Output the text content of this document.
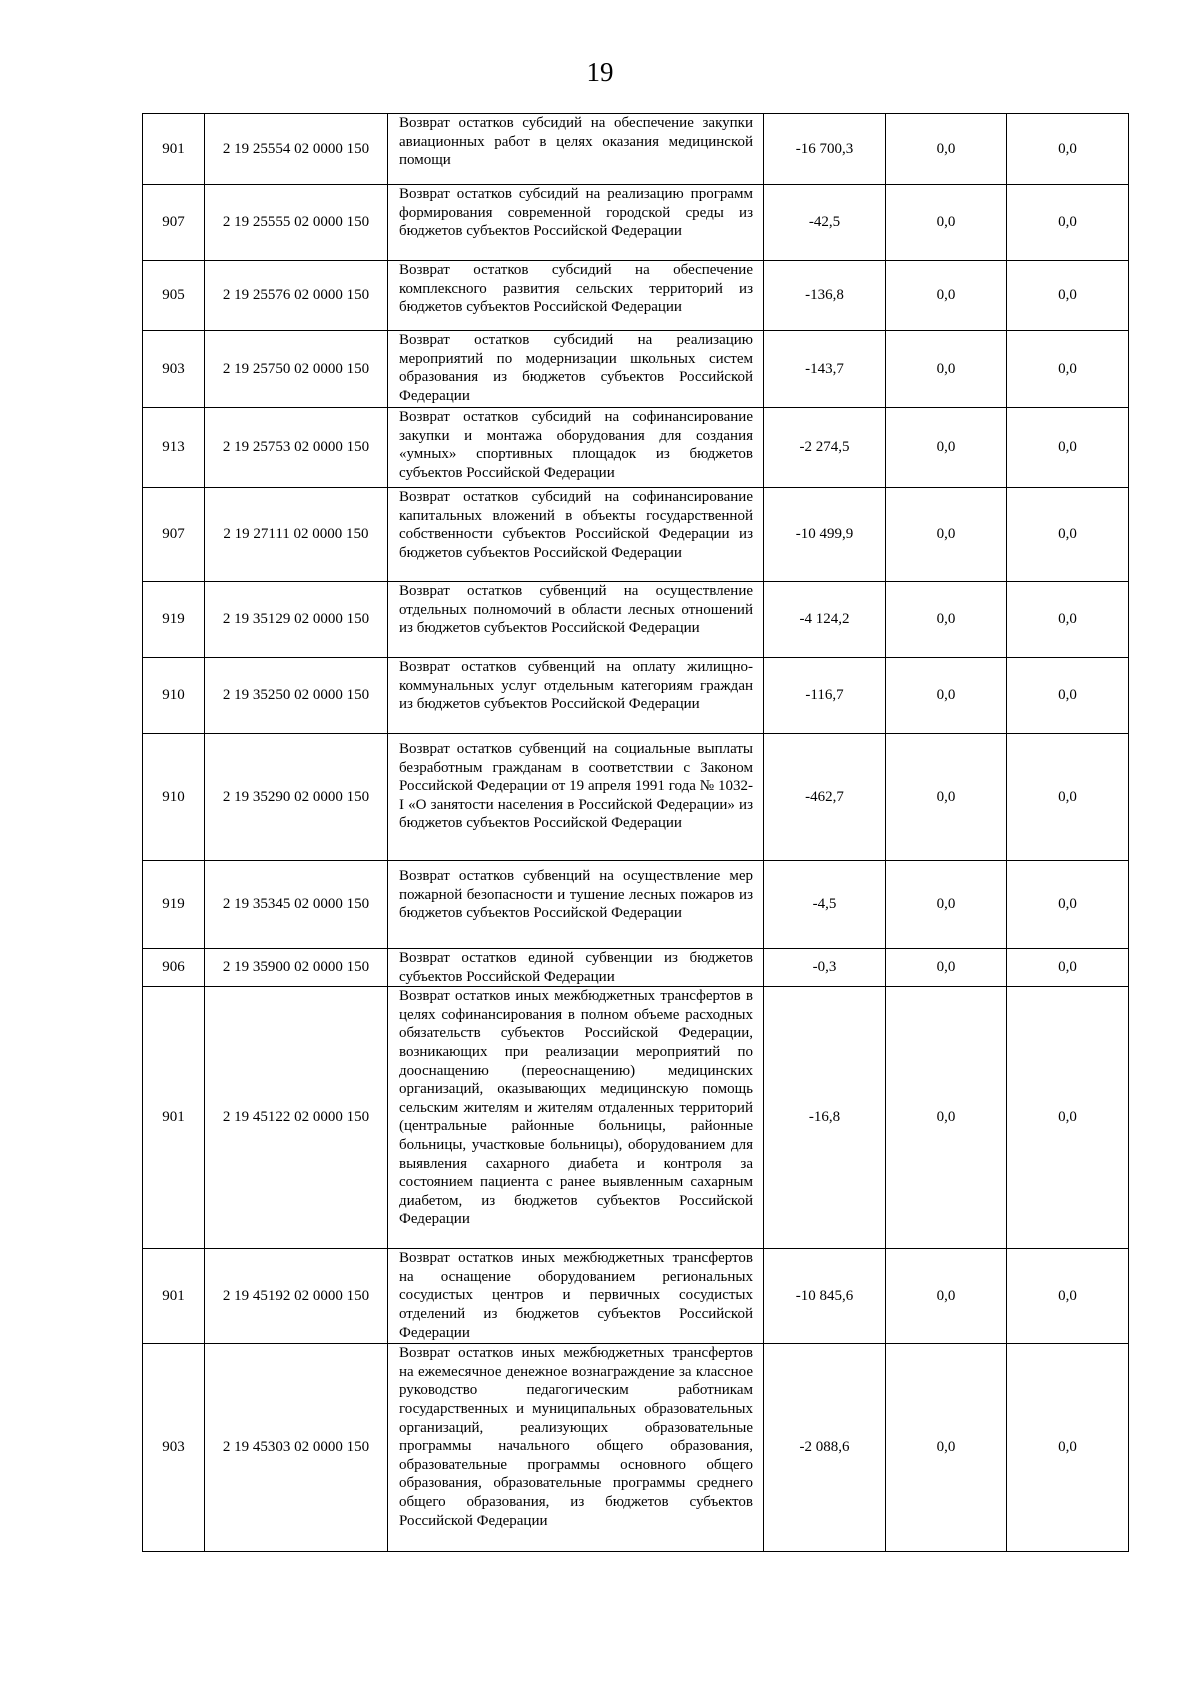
19
901	2 19 25554 02 0000 150	Возврат остатков субсидий на обеспечение закупки авиационных работ в целях оказания медицинской помощи	-16 700,3	0,0	0,0
907	2 19 25555 02 0000 150	Возврат остатков субсидий на реализацию программ формирования современной городской среды из бюджетов субъектов Российской Федерации	-42,5	0,0	0,0
905	2 19 25576 02 0000 150	Возврат остатков субсидий на обеспечение комплексного развития сельских территорий из бюджетов субъектов Российской Федерации	-136,8	0,0	0,0
903	2 19 25750 02 0000 150	Возврат остатков субсидий на реализацию мероприятий по модернизации школьных систем образования из бюджетов субъектов Российской Федерации	-143,7	0,0	0,0
913	2 19 25753 02 0000 150	Возврат остатков субсидий на софинансирование закупки и монтажа оборудования для создания «умных» спортивных площадок из бюджетов субъектов Российской Федерации	-2 274,5	0,0	0,0
907	2 19 27111 02 0000 150	Возврат остатков субсидий на софинансирование капитальных вложений в объекты государственной собственности субъектов Российской Федерации из бюджетов субъектов Российской Федерации	-10 499,9	0,0	0,0
919	2 19 35129 02 0000 150	Возврат остатков субвенций на осуществление отдельных полномочий в области лесных отношений из бюджетов субъектов Российской Федерации	-4 124,2	0,0	0,0
910	2 19 35250 02 0000 150	Возврат остатков субвенций на оплату жилищно-коммунальных услуг отдельным категориям граждан из бюджетов субъектов Российской Федерации	-116,7	0,0	0,0
910	2 19 35290 02 0000 150	Возврат остатков субвенций на социальные выплаты безработным гражданам в соответствии с Законом Российской Федерации от 19 апреля 1991 года № 1032-I «О занятости населения в Российской Федерации» из бюджетов субъектов Российской Федерации	-462,7	0,0	0,0
919	2 19 35345 02 0000 150	Возврат остатков субвенций на осуществление мер пожарной безопасности и тушение лесных пожаров из бюджетов субъектов Российской Федерации	-4,5	0,0	0,0
906	2 19 35900 02 0000 150	Возврат остатков единой субвенции из бюджетов субъектов Российской Федерации	-0,3	0,0	0,0
901	2 19 45122 02 0000 150	Возврат остатков иных межбюджетных трансфертов в целях софинансирования в полном объеме расходных обязательств субъектов Российской Федерации, возникающих при реализации мероприятий по дооснащению (переоснащению) медицинских организаций, оказывающих медицинскую помощь сельским жителям и жителям отдаленных территорий (центральные районные больницы, районные больницы, участковые больницы), оборудованием для выявления сахарного диабета и контроля за состоянием пациента с ранее выявленным сахарным диабетом, из бюджетов субъектов Российской Федерации	-16,8	0,0	0,0
901	2 19 45192 02 0000 150	Возврат остатков иных межбюджетных трансфертов на оснащение оборудованием региональных сосудистых центров и первичных сосудистых отделений из бюджетов субъектов Российской Федерации	-10 845,6	0,0	0,0
903	2 19 45303 02 0000 150	Возврат остатков иных межбюджетных трансфертов на ежемесячное денежное вознаграждение за классное руководство педагогическим работникам государственных и муниципальных образовательных организаций, реализующих образовательные программы начального общего образования, образовательные программы основного общего образования, образовательные программы среднего общего образования, из бюджетов субъектов Российской Федерации	-2 088,6	0,0	0,0
